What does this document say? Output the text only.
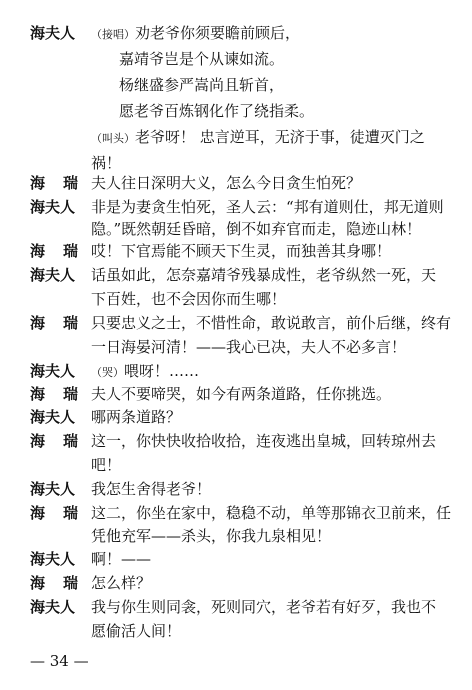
海夫人 （接唱）劝老爷你须要瞻前顾后，
嘉靖爷岂是个从谏如流。
杨继盛参严嵩尚且斩首，
愿老爷百炼钢化作了绕指柔。
（叫头）老爷呀！ 忠言逆耳，无济于事，徒遭灭门之
祸！
海瑞
夫人往日深明大义，怎么今日贪生怕死？
海夫人 非是为妻贪生怕死，圣人云：“邦有道则仕，邦无道则
隐。”既然朝廷昏暗，倒不如弃官而走，隐迹山林！
海瑞
哎！下官焉能不顾天下生灵，而独善其身哪！
海夫人 话虽如此，怎奈嘉靖爷残暴成性，老爷纵然一死，天
下百姓，也不会因你而生哪！
海瑞
只要忠义之士，不惜性命，敢说敢言，前仆后继，终有
一日海晏河清！——我心已决，夫人不必多言！
海夫人 （哭）喂呀！……
海瑞
夫人不要啼哭，如今有两条道路，任你挑选。
海夫人 哪两条道路？
海瑞
这一，你快快收拾收拾，连夜逃出皇城，回转琼州去
吧！
海夫人 我怎生舍得老爷！
海瑞
这二，你坐在家中，稳稳不动，单等那锦衣卫前来，任
凭他充军——杀头，你我九泉相见！
海夫人 啊！——
海瑞
怎么样？
海夫人 我与你生则同衾，死则同穴，老爷若有好歹，我也不
愿偷活人间！
— 34 —
